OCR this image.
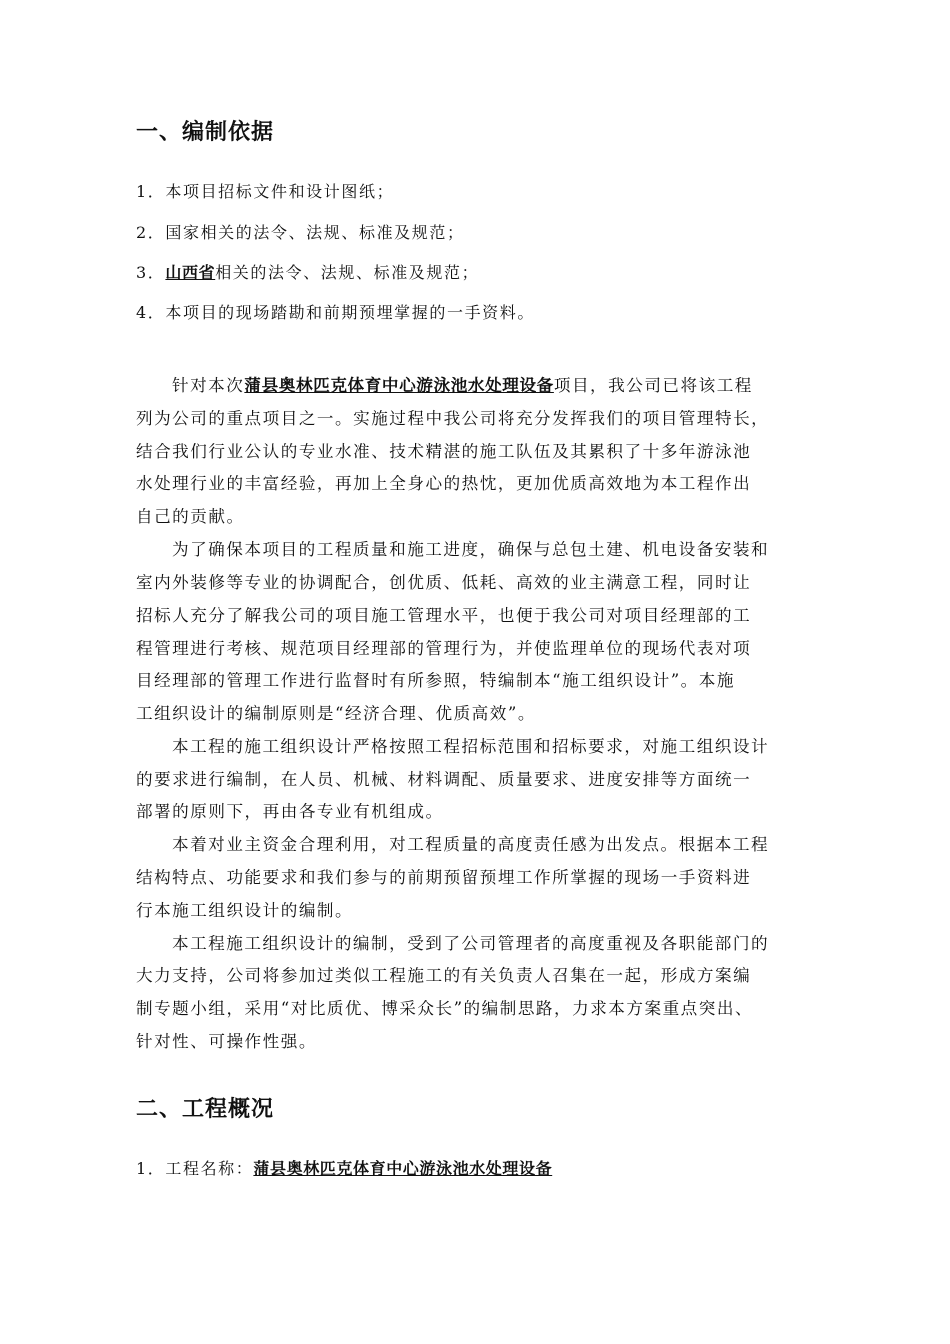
一、编制依据
1．本项目招标文件和设计图纸；
2．国家相关的法令、法规、标准及规范；
3．山西省相关的法令、法规、标准及规范；
4．本项目的现场踏勘和前期预埋掌握的一手资料。
针对本次蒲县奥林匹克体育中心游泳池水处理设备项目，我公司已将该工程
列为公司的重点项目之一。实施过程中我公司将充分发挥我们的项目管理特长，
结合我们行业公认的专业水准、技术精湛的施工队伍及其累积了十多年游泳池
水处理行业的丰富经验，再加上全身心的热忱，更加优质高效地为本工程作出
自己的贡献。
为了确保本项目的工程质量和施工进度，确保与总包土建、机电设备安装和
室内外装修等专业的协调配合，创优质、低耗、高效的业主满意工程，同时让
招标人充分了解我公司的项目施工管理水平，也便于我公司对项目经理部的工
程管理进行考核、规范项目经理部的管理行为，并使监理单位的现场代表对项
目经理部的管理工作进行监督时有所参照，特编制本“施工组织设计”。本施
工组织设计的编制原则是“经济合理、优质高效”。
本工程的施工组织设计严格按照工程招标范围和招标要求，对施工组织设计
的要求进行编制，在人员、机械、材料调配、质量要求、进度安排等方面统一
部署的原则下，再由各专业有机组成。
本着对业主资金合理利用，对工程质量的高度责任感为出发点。根据本工程
结构特点、功能要求和我们参与的前期预留预埋工作所掌握的现场一手资料进
行本施工组织设计的编制。
本工程施工组织设计的编制，受到了公司管理者的高度重视及各职能部门的
大力支持，公司将参加过类似工程施工的有关负责人召集在一起，形成方案编
制专题小组，采用“对比质优、博采众长”的编制思路，力求本方案重点突出、
针对性、可操作性强。
二、工程概况
1．工程名称：蒲县奥林匹克体育中心游泳池水处理设备
